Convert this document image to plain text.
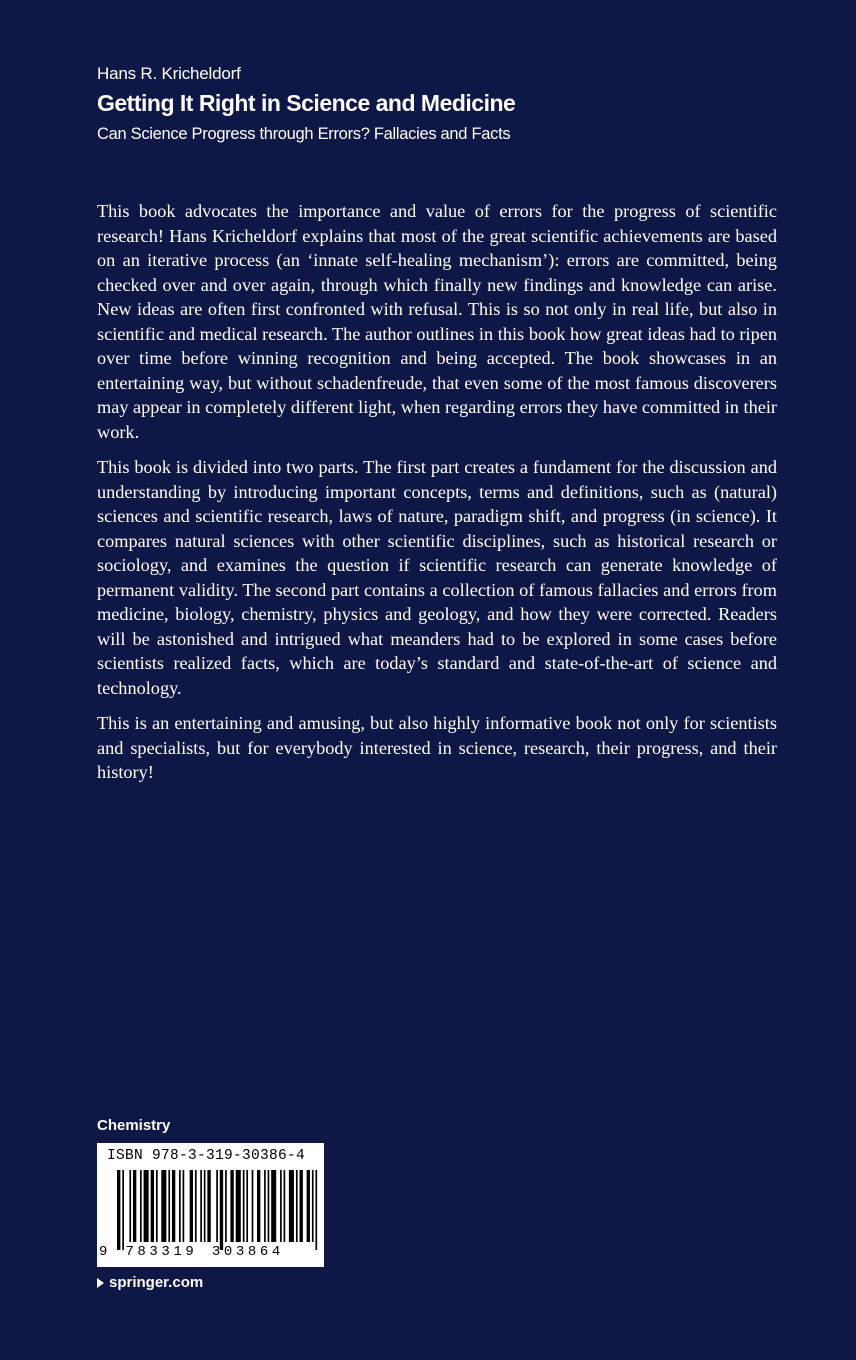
Hans R. Kricheldorf
Getting It Right in Science and Medicine
Can Science Progress through Errors? Fallacies and Facts

This book advocates the importance and value of errors for the progress of scientific research! Hans Kricheldorf explains that most of the great scientific achievements are based on an iterative process (an ‘innate self-healing mechanism’): errors are committed, being checked over and over again, through which finally new findings and knowledge can arise. New ideas are often first confronted with refusal. This is so not only in real life, but also in scientific and medical research. The author outlines in this book how great ideas had to ripen over time before winning recognition and being accepted. The book showcases in an entertaining way, but without schadenfreude, that even some of the most famous discoverers may appear in completely different light, when regarding errors they have committed in their work.

This book is divided into two parts. The first part creates a fundament for the discussion and understanding by introducing important concepts, terms and definitions, such as (natural) sciences and scientific research, laws of nature, paradigm shift, and progress (in science). It compares natural sciences with other scientific disciplines, such as historical research or sociology, and examines the question if scientific research can generate knowledge of permanent validity. The second part contains a collection of famous fallacies and errors from medicine, biology, chemistry, physics and geology, and how they were corrected. Readers will be astonished and intrigued what meanders had to be explored in some cases before scientists realized facts, which are today’s standard and state-of-the-art of science and technology.

This is an entertaining and amusing, but also highly informative book not only for scientists and specialists, but for everybody interested in science, research, their progress, and their history!

Chemistry
ISBN 978-3-319-30386-4
9 783319 303864
springer.com
